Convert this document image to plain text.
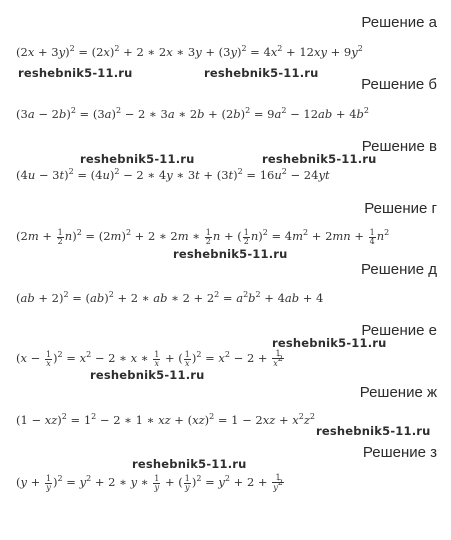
Решение а
$(2x + 3y)^2 = (2x)^2 + 2$ ∗ 2x ∗ $3y + (3y)^2 = 4x^2 + 12xy + 9y^2$
reshebnik5-11.ru	reshebnik5-11.ru
Решение б
$(3a - 2b)^2 = (3a)^2 - 2$ ∗ 3a ∗ $2b + (2b)^2 = 9a^2 - 12ab + 4b^2$
Решение в
reshebnik5-11.ru	reshebnik5-11.ru
$(4u - 3t)^2 = (4u)^2 - 2$ ∗ 4y ∗ $3t + (3t)^2 = 16u^2 - 24yt$
Решение г
$(2m + \frac{1}{2} n)^2 = (2m)^2 + 2$ ∗ 2m ∗ $\frac{1}{2}$ n + ( $\frac{1}{2} n)^2 = 4m^2 + 2mn + \frac{1}{4} n^2$
reshebnik5-11.ru
Решение д
(ab + 2)$^2$ = (ab)$^2$ + 2 ∗ ab ∗ $2 + 2^2 = a^2b^2 + 4ab + 4$
Решение е
reshebnik5-11.ru
$(x - \frac{1}{x} )^2 = x^2 - 2$ ∗ x ∗ $\frac{1}{x}$ + ( $\frac{1}{x} )^2 = x^2 - 2 + \frac{1}{x^2}$
reshebnik5-11.ru
Решение ж
$(1 - xz)^2 = 1^2 - 2$ ∗ 1 ∗ xz + $(xz)^2 = 1 - 2xz + x^2z^2$
reshebnik5-11.ru
Решение з
reshebnik5-11.ru
$(y + \frac{1}{y} )^2 = y^2 + 2$ ∗ y ∗ $\frac{1}{y}$ + ( $\frac{1}{y} )^2 = y^2 + 2 + \frac{1}{y^2}$
